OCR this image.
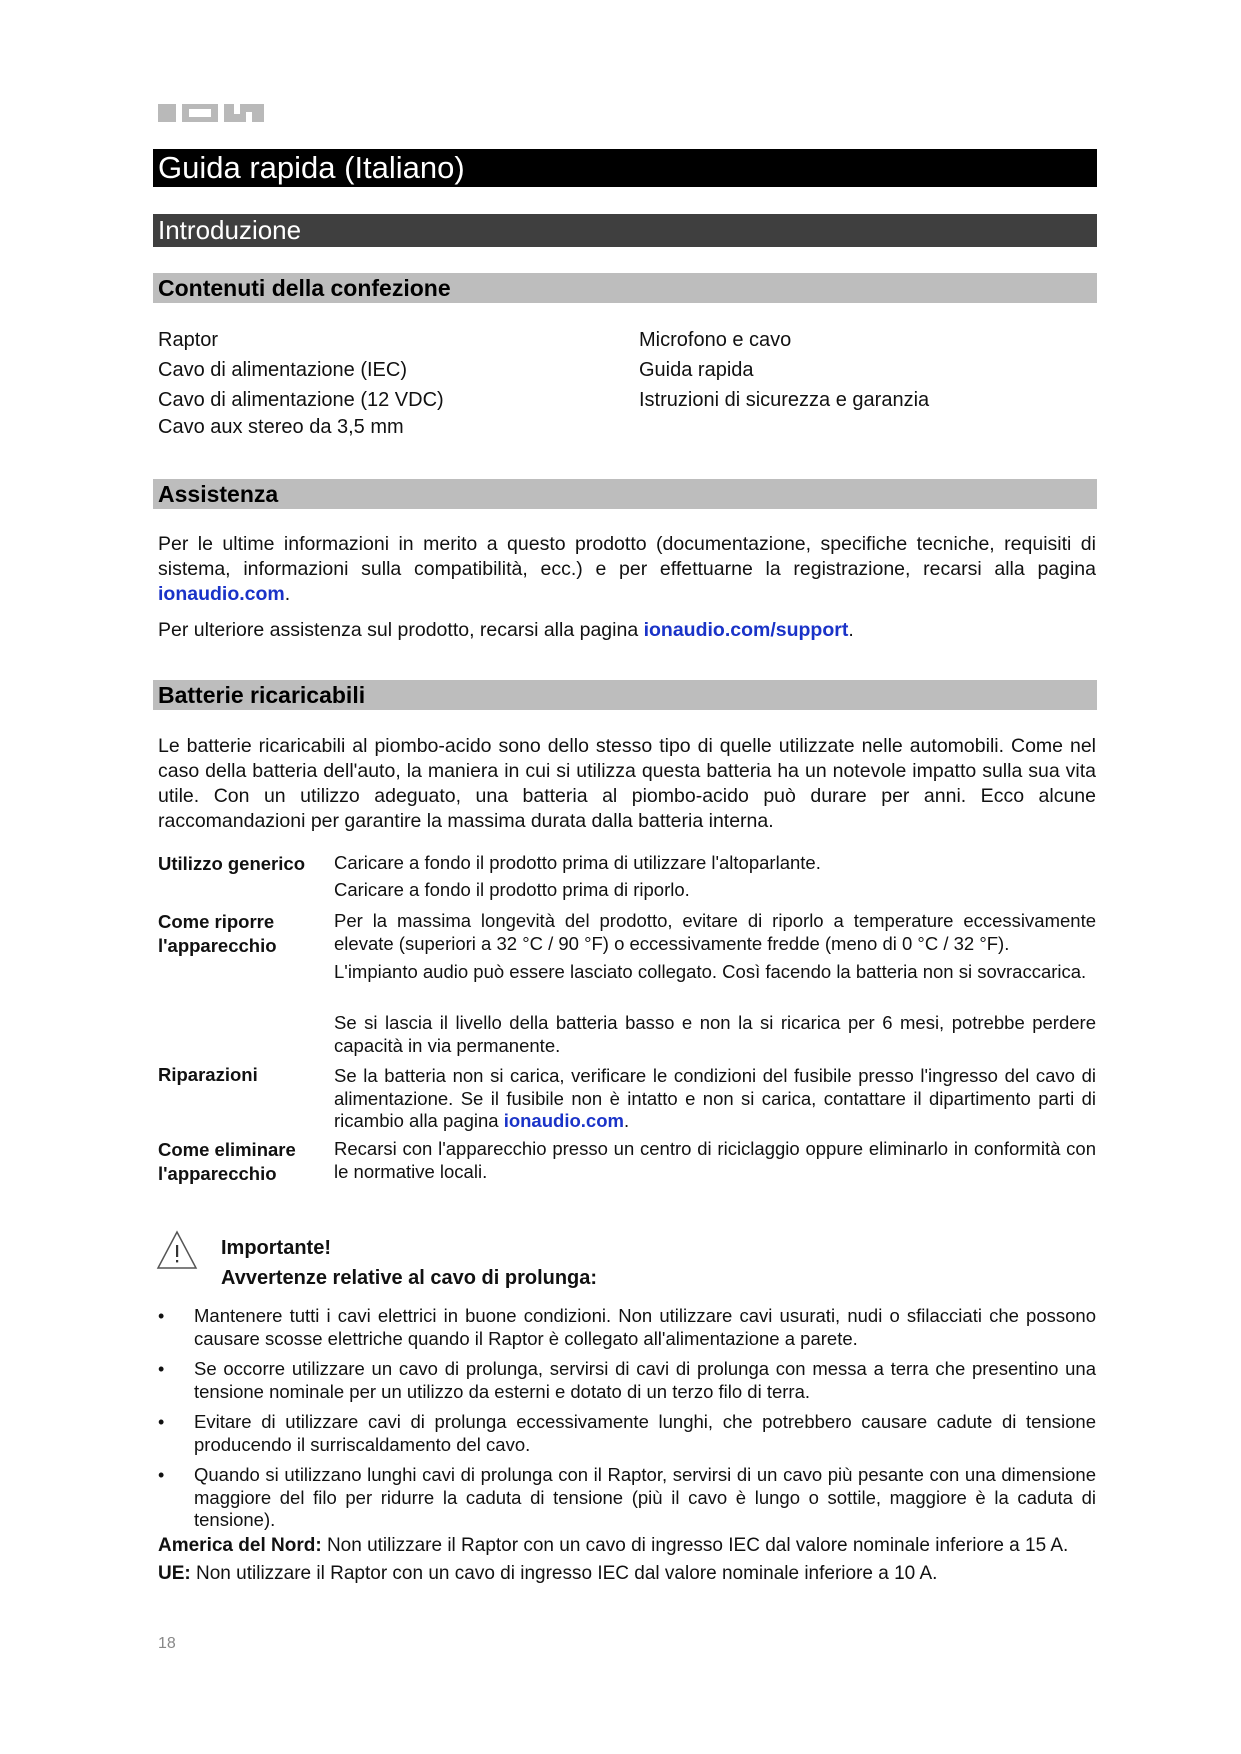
Guida rapida (Italiano)
Introduzione
Contenuti della confezione
Raptor
Cavo di alimentazione (IEC)
Cavo di alimentazione (12 VDC)
Cavo aux stereo da 3,5 mm
Microfono e cavo
Guida rapida
Istruzioni di sicurezza e garanzia
Assistenza
Per le ultime informazioni in merito a questo prodotto (documentazione, specifiche tecniche, requisiti di sistema, informazioni sulla compatibilità, ecc.) e per effettuarne la registrazione, recarsi alla pagina ionaudio.com.
Per ulteriore assistenza sul prodotto, recarsi alla pagina ionaudio.com/support.
Batterie ricaricabili
Le batterie ricaricabili al piombo-acido sono dello stesso tipo di quelle utilizzate nelle automobili. Come nel caso della batteria dell'auto, la maniera in cui si utilizza questa batteria ha un notevole impatto sulla sua vita utile. Con un utilizzo adeguato, una batteria al piombo-acido può durare per anni. Ecco alcune raccomandazioni per garantire la massima durata dalla batteria interna.
Utilizzo generico	Caricare a fondo il prodotto prima di utilizzare l'altoparlante.
Caricare a fondo il prodotto prima di riporlo.
Come riporre
l'apparecchio
Per la massima longevità del prodotto, evitare di riporlo a temperature eccessivamente elevate (superiori a 32 °C / 90 °F) o eccessivamente fredde (meno di 0 °C / 32 °F).
L'impianto audio può essere lasciato collegato. Così facendo la batteria non si sovraccarica.
Se si lascia il livello della batteria basso e non la si ricarica per 6 mesi, potrebbe perdere capacità in via permanente.
Riparazioni	Se la batteria non si carica, verificare le condizioni del fusibile presso l'ingresso del cavo di alimentazione. Se il fusibile non è intatto e non si carica, contattare il dipartimento parti di ricambio alla pagina ionaudio.com.
Come eliminare
l'apparecchio
Recarsi con l'apparecchio presso un centro di riciclaggio oppure eliminarlo in conformità con le normative locali.
Importante!
Avvertenze relative al cavo di prolunga:
• Mantenere tutti i cavi elettrici in buone condizioni. Non utilizzare cavi usurati, nudi o sfilacciati che possono causare scosse elettriche quando il Raptor è collegato all'alimentazione a parete.
• Se occorre utilizzare un cavo di prolunga, servirsi di cavi di prolunga con messa a terra che presentino una tensione nominale per un utilizzo da esterni e dotato di un terzo filo di terra.
• Evitare di utilizzare cavi di prolunga eccessivamente lunghi, che potrebbero causare cadute di tensione producendo il surriscaldamento del cavo.
• Quando si utilizzano lunghi cavi di prolunga con il Raptor, servirsi di un cavo più pesante con una dimensione maggiore del filo per ridurre la caduta di tensione (più il cavo è lungo o sottile, maggiore è la caduta di tensione).
America del Nord: Non utilizzare il Raptor con un cavo di ingresso IEC dal valore nominale inferiore a 15 A.
UE: Non utilizzare il Raptor con un cavo di ingresso IEC dal valore nominale inferiore a 10 A.
18
